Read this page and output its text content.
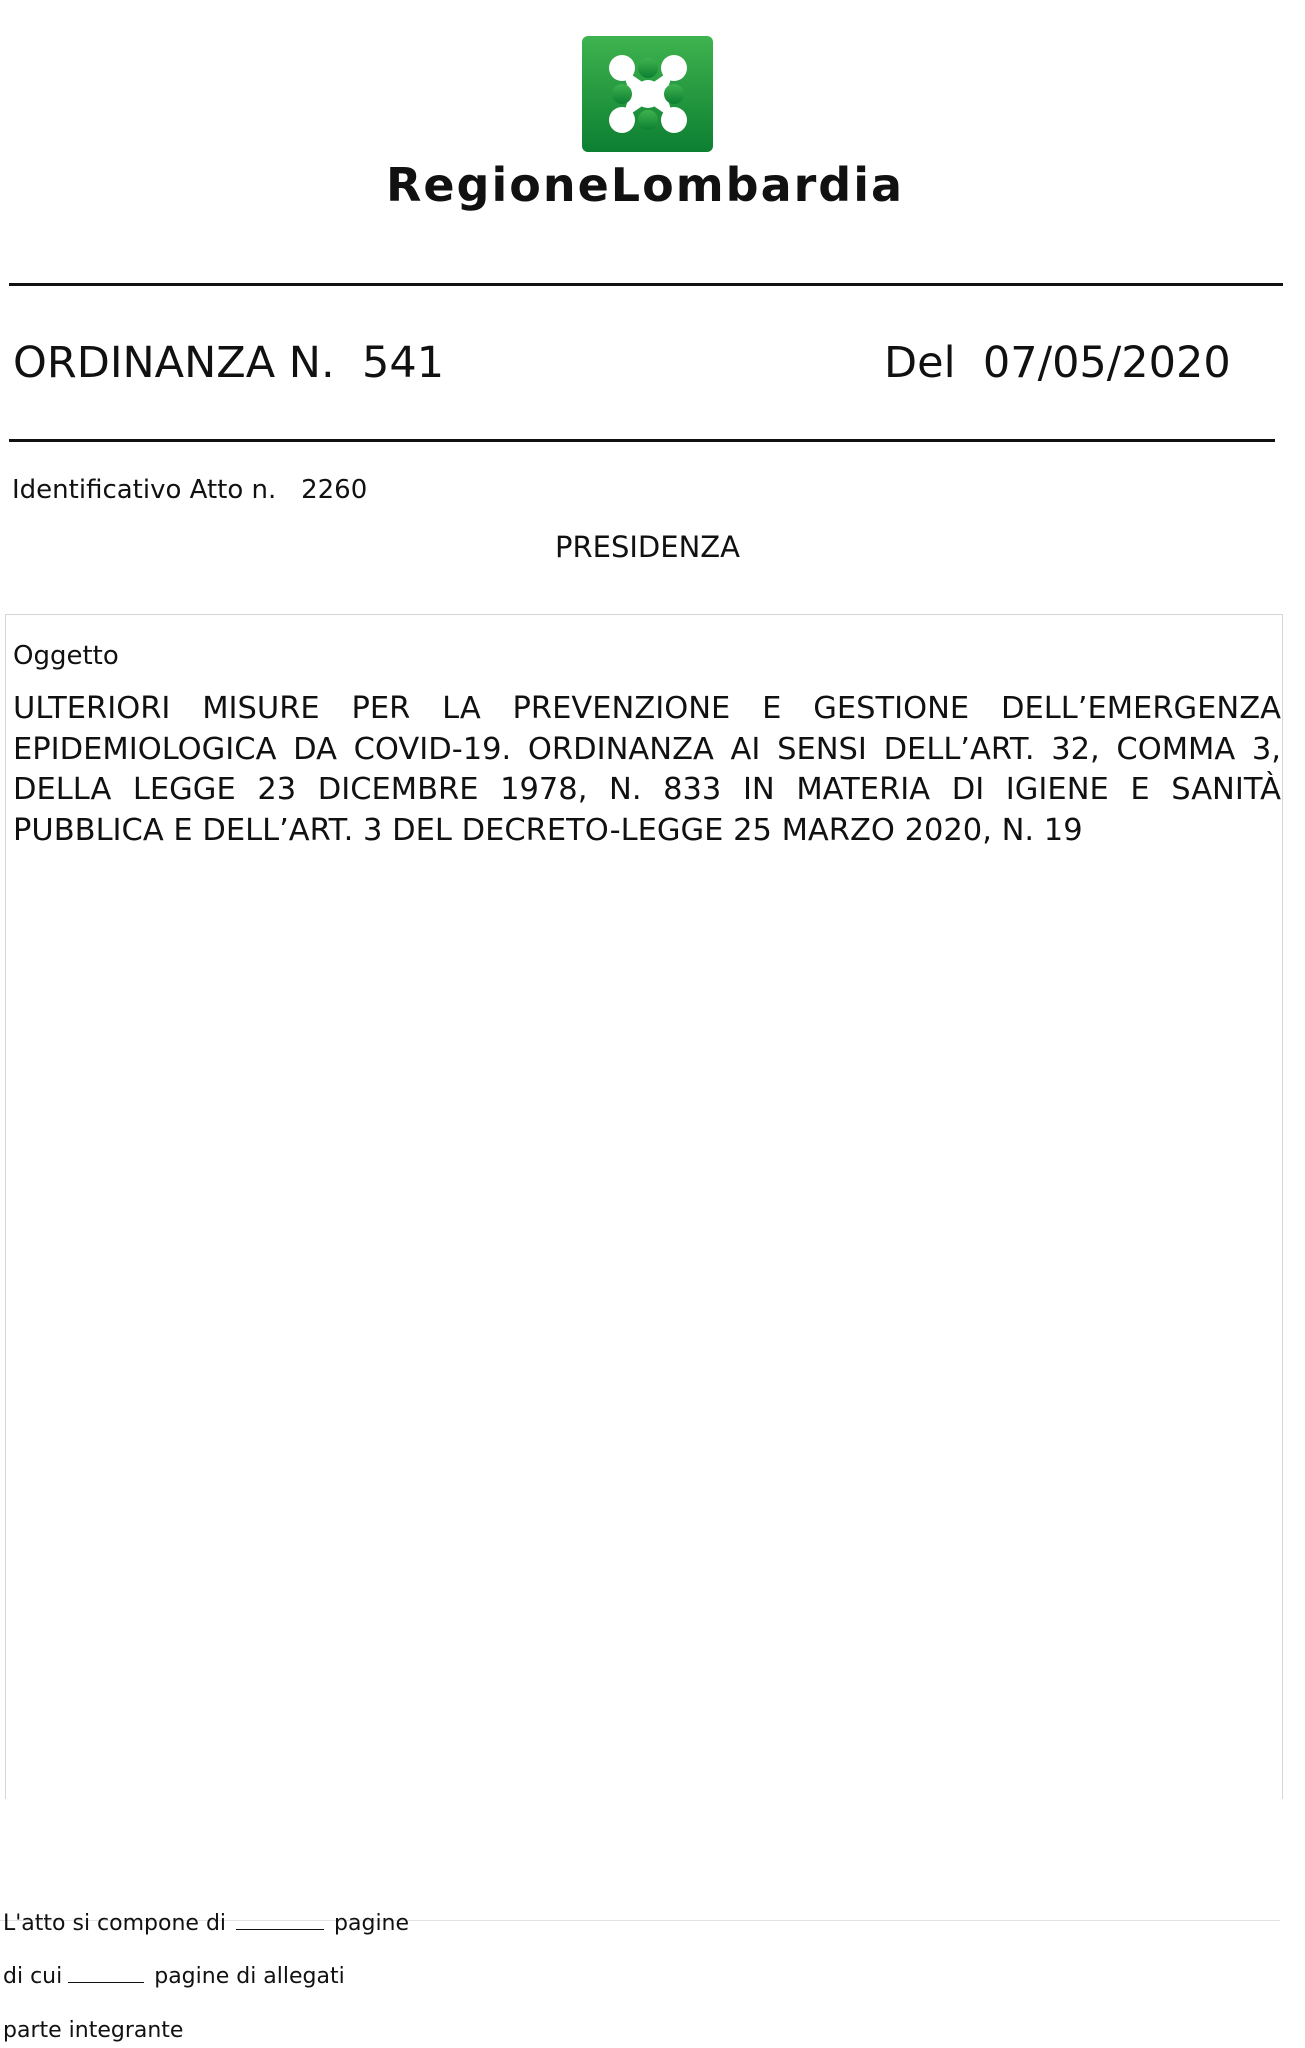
RegioneLombardia
ORDINANZA N. 541	Del 07/05/2020
Identificativo Atto n. 2260
PRESIDENZA
Oggetto
ULTERIORI MISURE PER LA PREVENZIONE E GESTIONE DELL’EMERGENZA EPIDEMIOLOGICA DA COVID-19. ORDINANZA AI SENSI DELL’ART. 32, COMMA 3, DELLA LEGGE 23 DICEMBRE 1978, N. 833 IN MATERIA DI IGIENE E SANITÀ PUBBLICA E DELL’ART. 3 DEL DECRETO-LEGGE 25 MARZO 2020, N. 19
L'atto si compone di	pagine
di cui	pagine di allegati
parte integrante
